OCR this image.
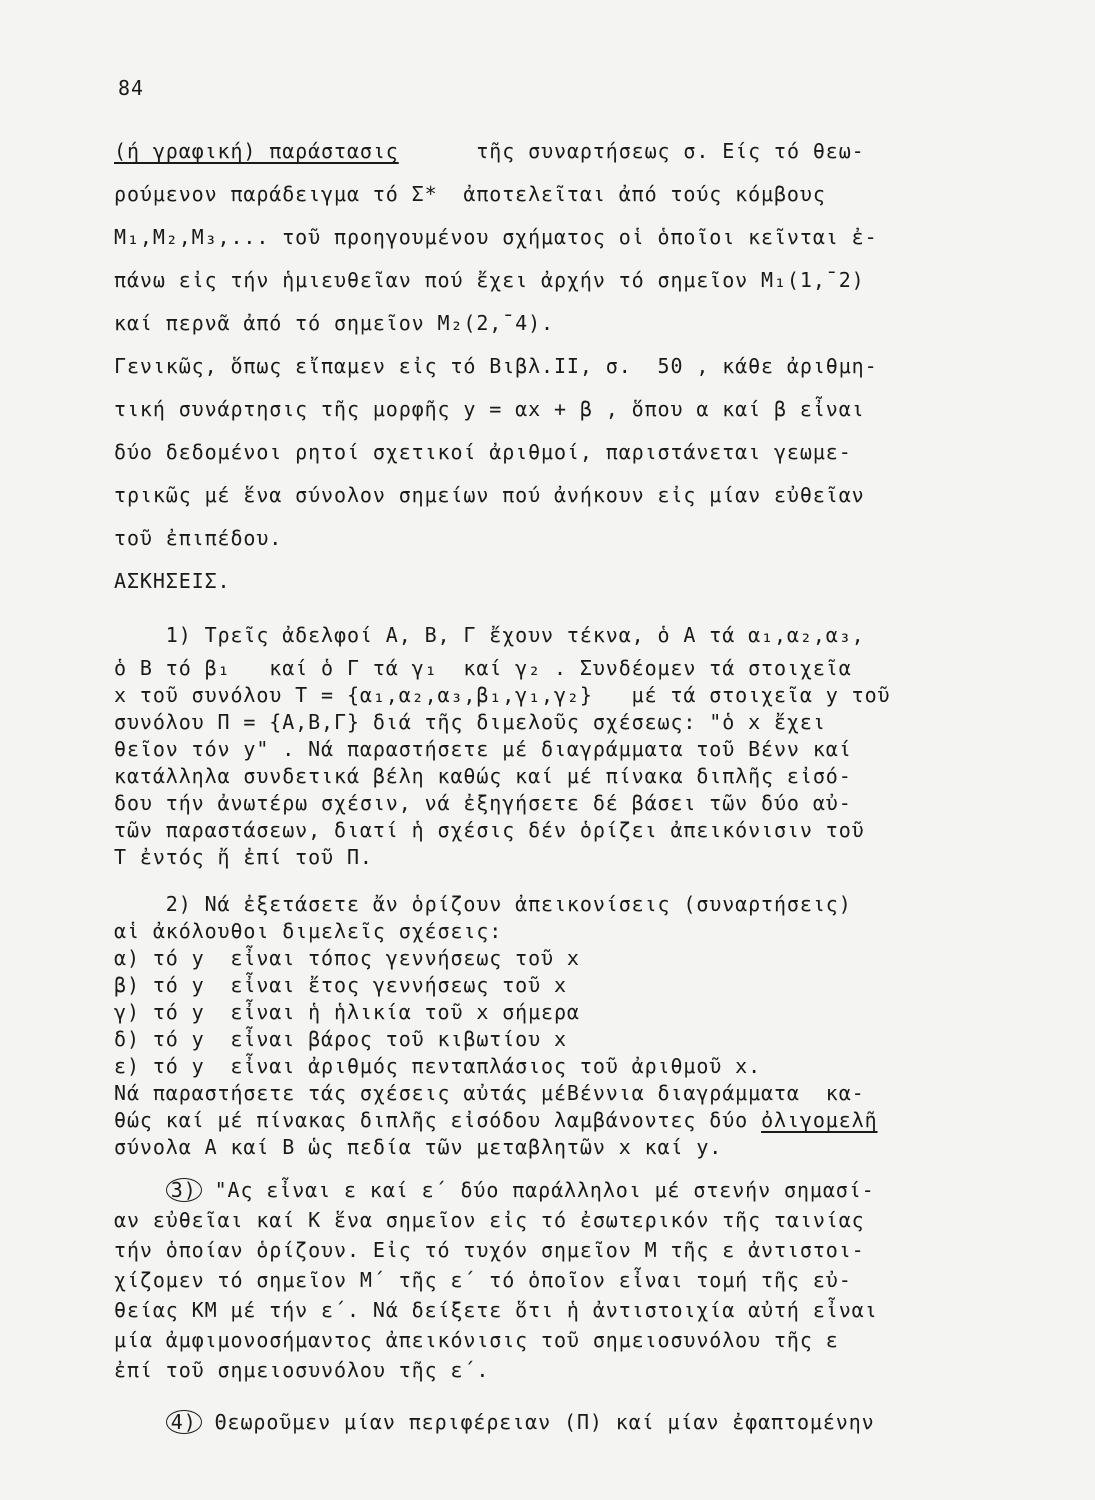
84
(ή γραφική) παράστασις	τῆς συναρτήσεως σ. Είς τό θεω-
ρούμενον παράδειγμα τό Σ*  ἀποτελεῖται ἀπό τούς κόμβους
M₁,M₂,M₃,... τοῦ προηγουμένου σχήματος οἱ ὁποῖοι κεῖνται ἐ-
πάνω εἰς τήν ἡμιευθεῖαν πού ἔχει ἀρχήν τό σημεῖον M₁(1,¯2)
καί περνᾶ ἀπό τό σημεῖον M₂(2,¯4).
Γενικῶς, ὅπως εἴπαμεν εἰς τό Βιβλ.II, σ.  50 , κάθε ἀριθμη-
τική συνάρτησις τῆς μορφῆς y = αx + β , ὅπου α καί β εἶναι
δύο δεδομένοι ρητοί σχετικοί ἀριθμοί, παριστάνεται γεωμε-
τρικῶς μέ ἕνα σύνολον σημείων πού ἀνήκουν εἰς μίαν εὐθεῖαν
τοῦ ἐπιπέδου.
ΑΣΚΗΣΕΙΣ.
1) Τρεῖς ἀδελφοί Α, Β, Γ ἔχουν τέκνα, ὁ Α τά α₁,α₂,α₃,
ὁ Β τό β₁   καί ὁ Γ τά γ₁  καί γ₂ . Συνδέομεν τά στοιχεῖα
x τοῦ συνόλου T = {α₁,α₂,α₃,β₁,γ₁,γ₂}   μέ τά στοιχεῖα y τοῦ
συνόλου Π = {A,B,Γ} διά τῆς διμελοῦς σχέσεως: "ὁ x ἔχει
θεῖον τόν y" . Νά παραστήσετε μέ διαγράμματα τοῦ Βένν καί
κατάλληλα συνδετικά βέλη καθώς καί μέ πίνακα διπλῆς εἰσό-
δου τήν ἀνωτέρω σχέσιν, νά ἐξηγήσετε δέ βάσει τῶν δύο αὐ-
τῶν παραστάσεων, διατί ἡ σχέσις δέν ὁρίζει ἀπεικόνισιν τοῦ
T ἐντός ἤ ἐπί τοῦ Π.
2) Νά ἐξετάσετε ἄν ὁρίζουν ἀπεικονίσεις (συναρτήσεις)
αἱ ἀκόλουθοι διμελεῖς σχέσεις:
α) τό y  εἶναι τόπος γεννήσεως τοῦ x
β) τό y  εἶναι ἔτος γεννήσεως τοῦ x
γ) τό y  εἶναι ἡ ἡλικία τοῦ x σήμερα
δ) τό y  εἶναι βάρος τοῦ κιβωτίου x
ε) τό y  εἶναι ἀριθμός πενταπλάσιος τοῦ ἀριθμοῦ x.
Νά παραστήσετε τάς σχέσεις αὐτάς μέΒέννια διαγράμματα  κα-
θώς καί μέ πίνακας διπλῆς εἰσόδου λαμβάνοντες δύο ὀλιγομελῆ
σύνολα Α καί Β ὡς πεδία τῶν μεταβλητῶν x καί y.
3) "Ας εἶναι ε καί ε΄ δύο παράλληλοι μέ στενήν σημασί-
αν εὐθεῖαι καί Κ ἕνα σημεῖον εἰς τό ἐσωτερικόν τῆς ταινίας
τήν ὁποίαν ὁρίζουν. Εἰς τό τυχόν σημεῖον Μ τῆς ε ἀντιστοι-
χίζομεν τό σημεῖον Μ΄ τῆς ε΄ τό ὁποῖον εἶναι τομή τῆς εὐ-
θείας ΚΜ μέ τήν ε΄. Νά δείξετε ὅτι ἡ ἀντιστοιχία αὐτή εἶναι
μία ἀμφιμονοσήμαντος ἀπεικόνισις τοῦ σημειοσυνόλου τῆς ε
ἐπί τοῦ σημειοσυνόλου τῆς ε΄.
4) Θεωροῦμεν μίαν περιφέρειαν (Π) καί μίαν ἐφαπτομένην
